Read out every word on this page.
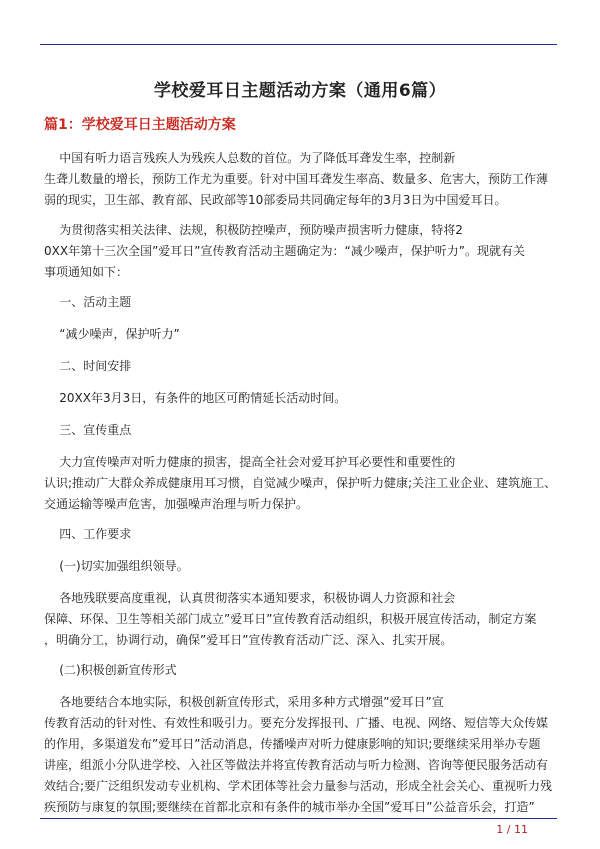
学校爱耳日主题活动方案（通用6篇）
篇1：学校爱耳日主题活动方案
中国有听力语言残疾人为残疾人总数的首位。为了降低耳聋发生率，控制新
生聋儿数量的增长，预防工作尤为重要。针对中国耳聋发生率高、数量多、危害大，预防工作薄
弱的现实，卫生部、教育部、民政部等10部委局共同确定每年的3月3日为中国爱耳日。
为贯彻落实相关法律、法规，积极防控噪声，预防噪声损害听力健康，特将2
0XX年第十三次全国”爱耳日”宣传教育活动主题确定为：“减少噪声，保护听力”。现就有关
事项通知如下：
一、活动主题
“减少噪声，保护听力”
二、时间安排
20XX年3月3日，有条件的地区可酌情延长活动时间。
三、宣传重点
大力宣传噪声对听力健康的损害，提高全社会对爱耳护耳必要性和重要性的
认识;推动广大群众养成健康用耳习惯，自觉减少噪声，保护听力健康;关注工业企业、建筑施工、
交通运输等噪声危害，加强噪声治理与听力保护。
四、工作要求
(一)切实加强组织领导。
各地残联要高度重视，认真贯彻落实本通知要求，积极协调人力资源和社会
保障、环保、卫生等相关部门成立”爱耳日”宣传教育活动组织，积极开展宣传活动，制定方案
，明确分工，协调行动，确保”爱耳日”宣传教育活动广泛、深入、扎实开展。
(二)积极创新宣传形式
各地要结合本地实际，积极创新宣传形式，采用多种方式增强”爱耳日”宣
传教育活动的针对性、有效性和吸引力。要充分发挥报刊、广播、电视、网络、短信等大众传媒
的作用，多渠道发布”爱耳日”活动消息，传播噪声对听力健康影响的知识;要继续采用举办专题
讲座，组派小分队进学校、入社区等做法并将宣传教育活动与听力检测、咨询等便民服务活动有
效结合;要广泛组织发动专业机构、学术团体等社会力量参与活动，形成全社会关心、重视听力残
疾预防与康复的氛围;要继续在首都北京和有条件的城市举办全国”爱耳日”公益音乐会，打造”
1 / 11
